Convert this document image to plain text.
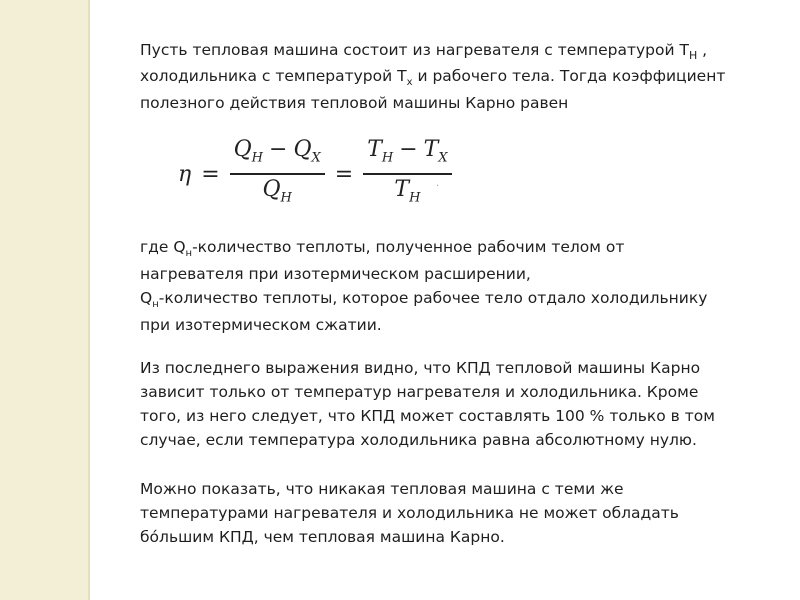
Пусть тепловая машина состоит из нагревателя с температурой $T_H$ ,

холодильника с температурой $T_x$ и рабочего тела. Тогда коэффициент

полезного действия тепловой машины Карно равен

$\eta = \frac{Q_H - Q_X}{Q_H} = \frac{T_H - T_X}{T_H}$
.

где $Q_н$-количество теплоты, полученное рабочим телом от

нагревателя при изотермическом расширении,

$Q_н$-количество теплоты, которое рабочее тело отдало холодильнику

при изотермическом сжатии.

Из последнего выражения видно, что КПД тепловой машины Карно

зависит только от температур нагревателя и холодильника. Кроме

того, из него следует, что КПД может составлять 100 % только в том

случае, если температура холодильника равна абсолютному нулю.

Можно показать, что никакая тепловая машина с теми же

температурами нагревателя и холодильника не может обладать

бóльшим КПД, чем тепловая машина Карно.
